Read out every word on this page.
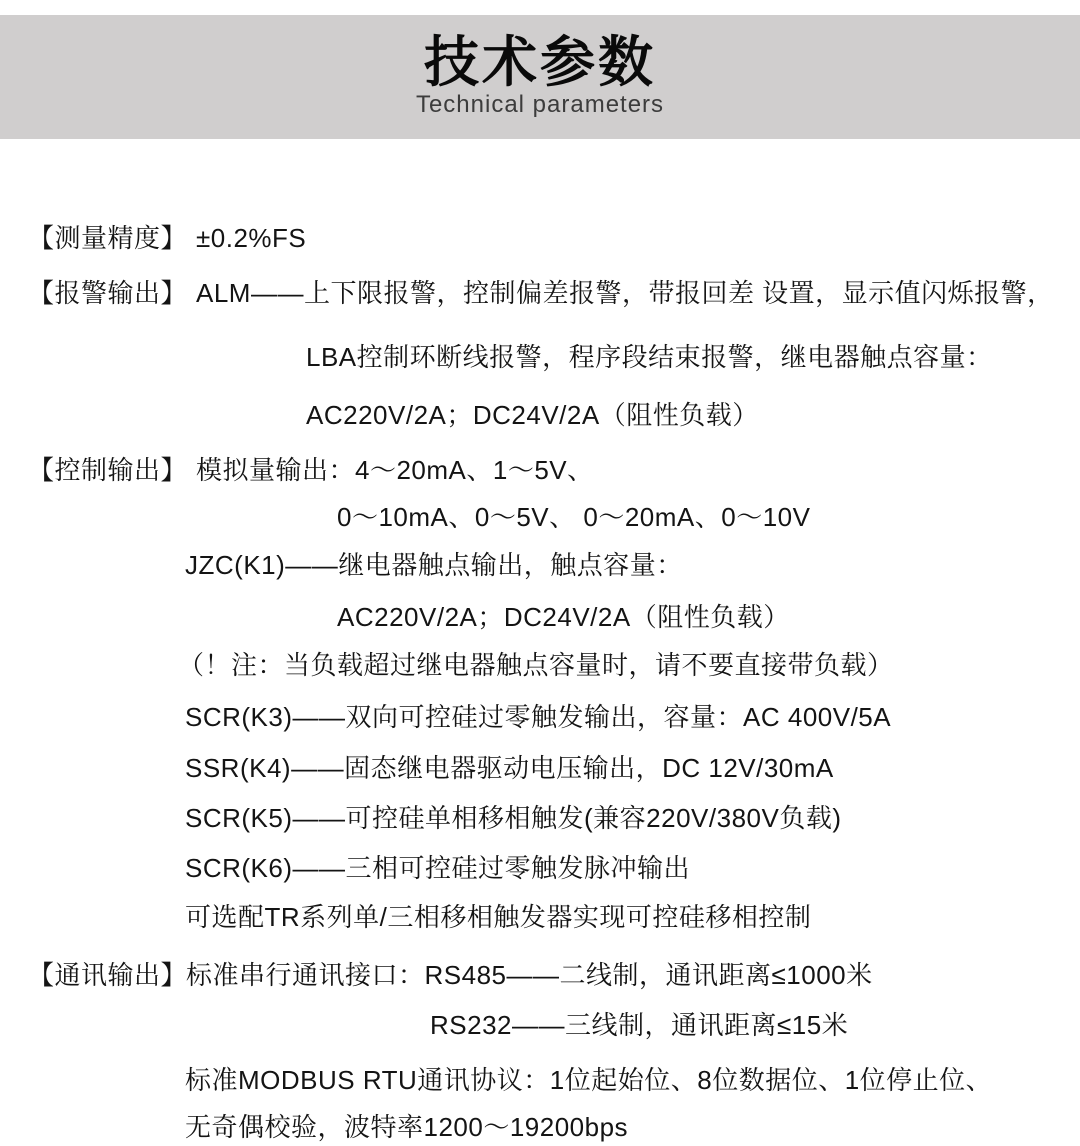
技术参数
Technical parameters
【测量精度】 ±0.2%FS
【报警输出】 ALM——上下限报警，控制偏差报警，带报回差 设置，显示值闪烁报警，
LBA控制环断线报警，程序段结束报警，继电器触点容量：
AC220V/2A；DC24V/2A（阻性负载）
【控制输出】 模拟量输出：4～20mA、1～5V、
0～10mA、0～5V、 0～20mA、0～10V
JZC(K1)——继电器触点输出，触点容量：
AC220V/2A；DC24V/2A（阻性负载）
（！注：当负载超过继电器触点容量时，请不要直接带负载）
SCR(K3)——双向可控硅过零触发输出，容量：AC 400V/5A
SSR(K4)——固态继电器驱动电压输出，DC 12V/30mA
SCR(K5)——可控硅单相移相触发(兼容220V/380V负载)
SCR(K6)——三相可控硅过零触发脉冲输出
可选配TR系列单/三相移相触发器实现可控硅移相控制
【通讯输出】
标准串行通讯接口：RS485——二线制，通讯距离≤1000米
RS232——三线制，通讯距离≤15米
标准MODBUS RTU通讯协议：1位起始位、8位数据位、1位停止位、
无奇偶校验，波特率1200～19200bps
